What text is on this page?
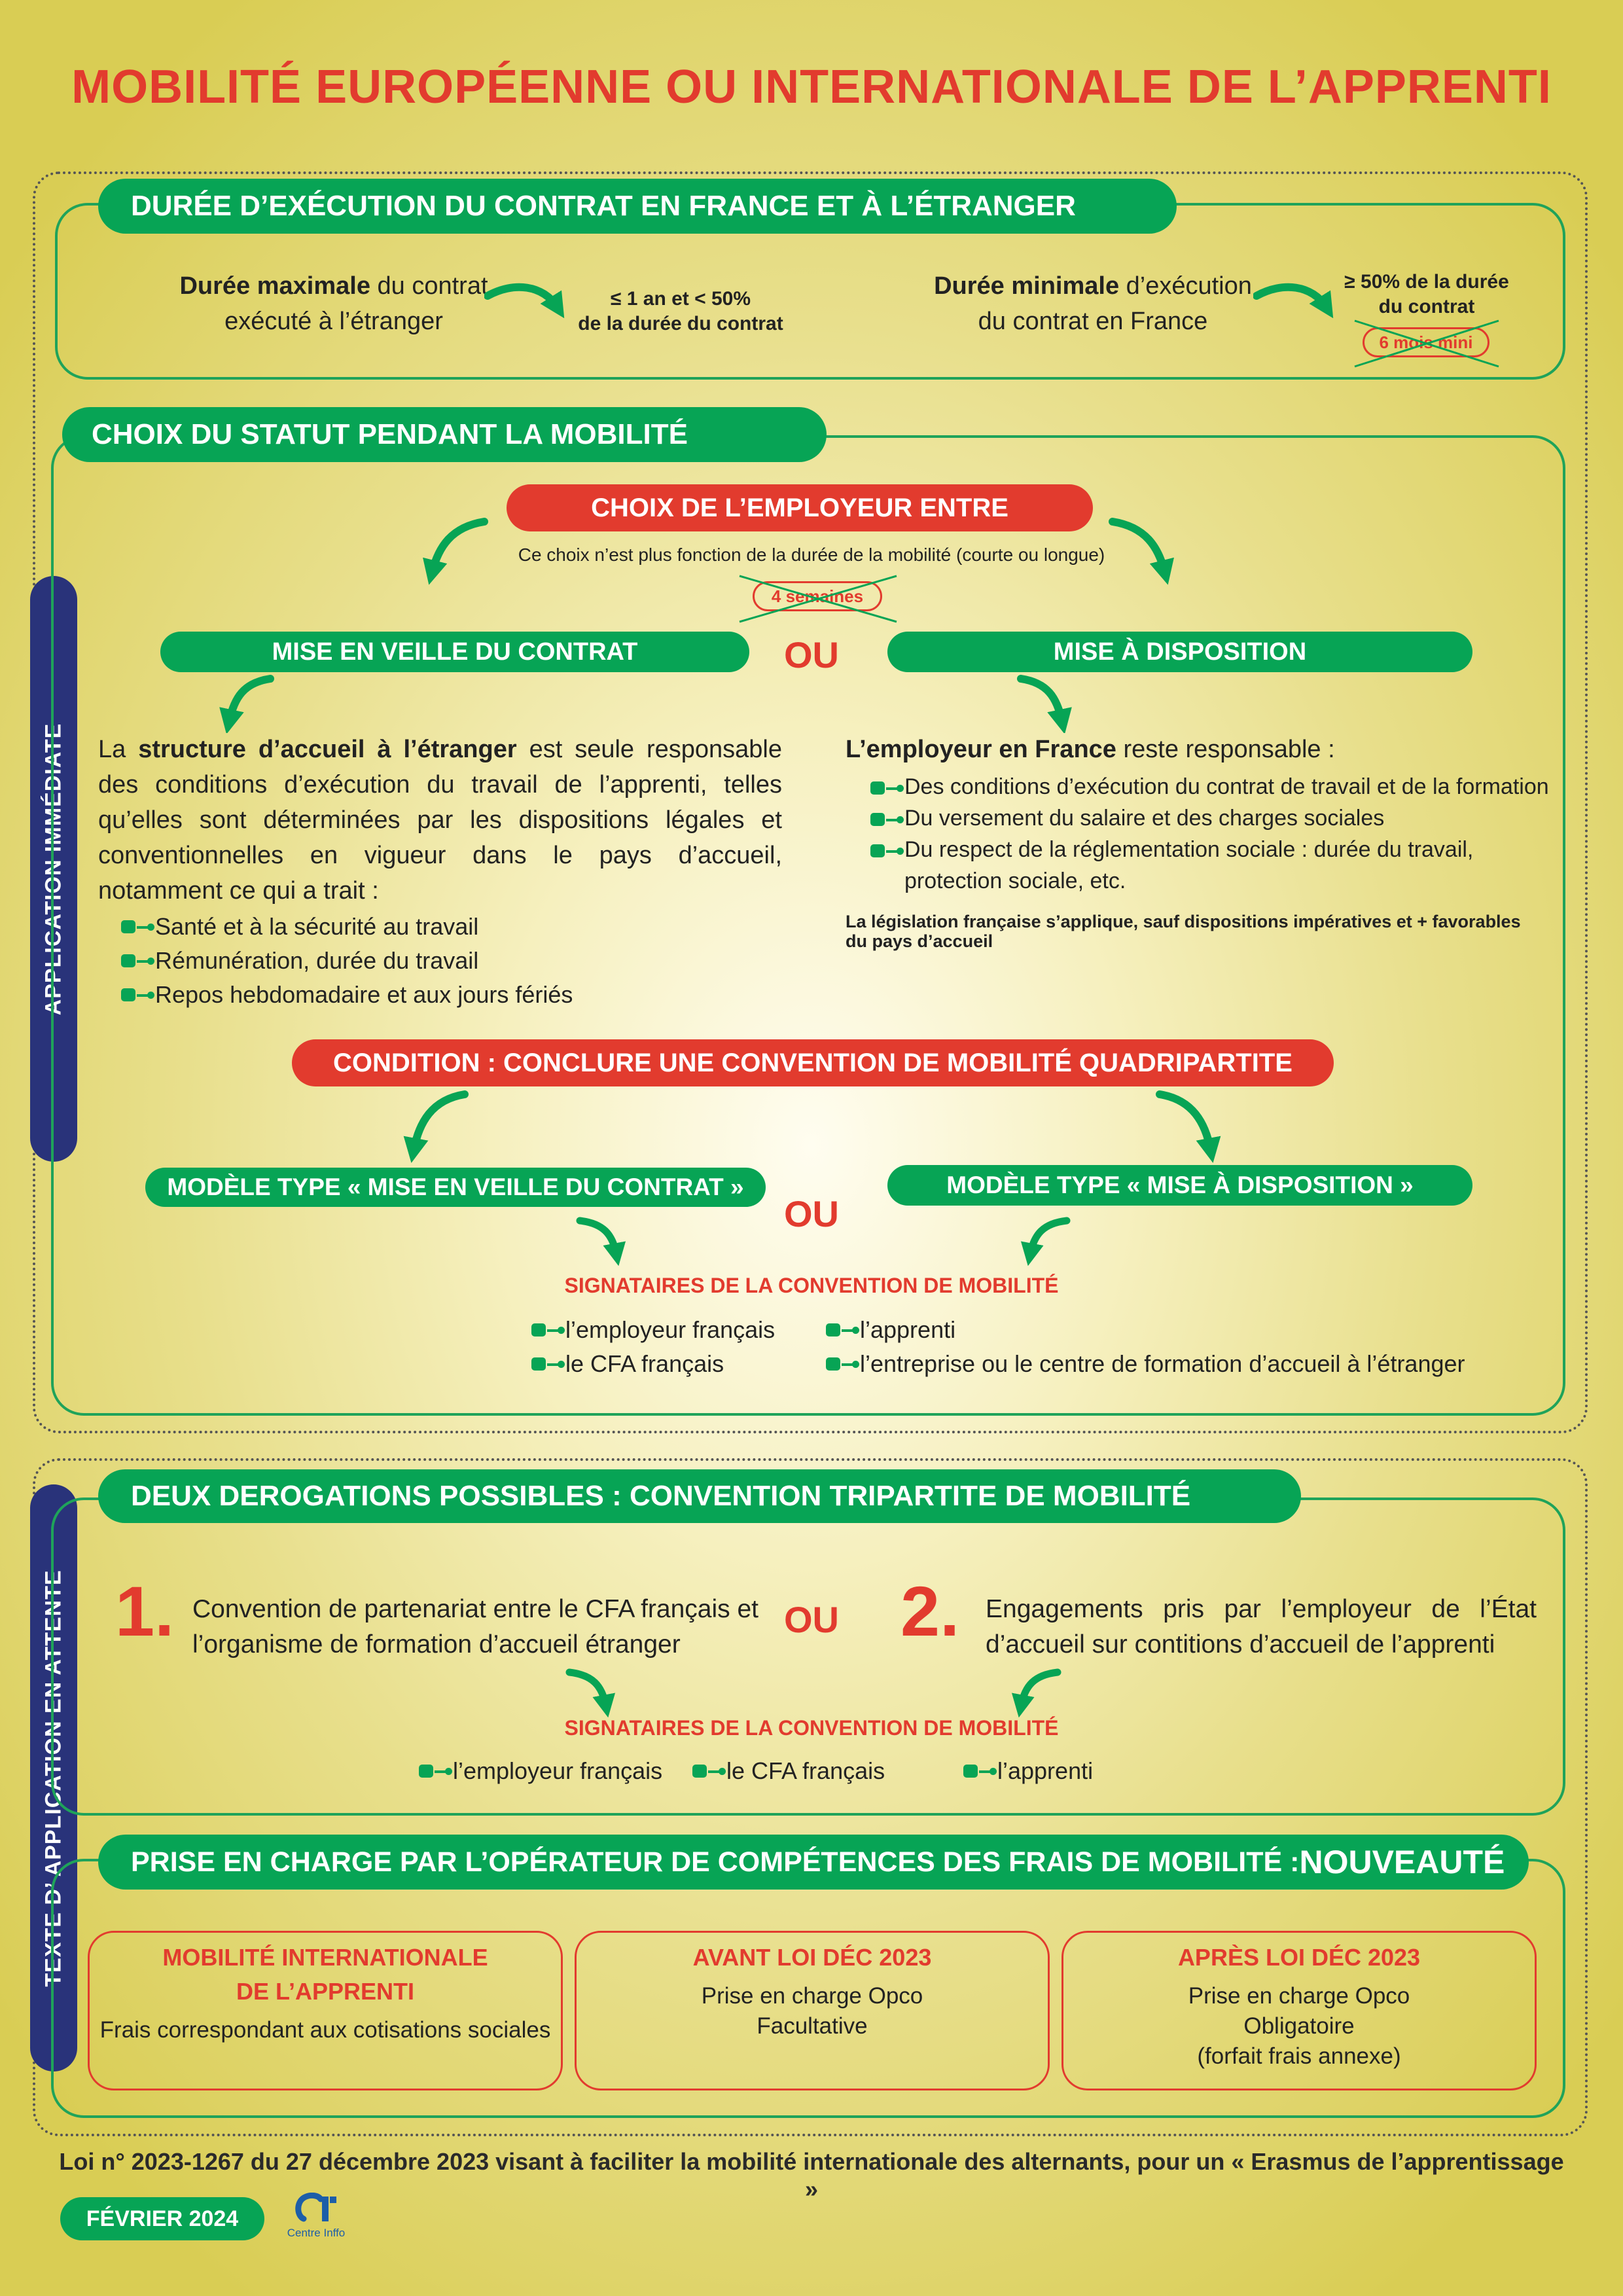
MOBILITÉ EUROPÉENNE OU INTERNATIONALE DE L’APPRENTI
APPLICATION IMMÉDIATE
DURÉE D’EXÉCUTION DU CONTRAT EN FRANCE ET À L’ÉTRANGER
Durée maximale du contrat
exécuté à l’étranger
≤ 1 an et < 50%
de la durée du contrat
Durée minimale d’exécution
du contrat en France
≥ 50% de la durée
du contrat
6 mois mini
CHOIX DU STATUT PENDANT LA MOBILITÉ
CHOIX DE L’EMPLOYEUR ENTRE
Ce choix n’est plus fonction de la durée de la mobilité (courte ou longue)
4 semaines
MISE EN VEILLE DU CONTRAT	OU	MISE À DISPOSITION
La structure d’accueil à l’étranger est seule responsable des conditions d’exécution du travail de l’apprenti, telles qu’elles sont déterminées par les dispositions légales et conventionnelles en vigueur dans le pays d’accueil, notamment ce qui a trait :
Santé et à la sécurité au travail
Rémunération, durée du travail
Repos hebdomadaire et aux jours fériés
L’employeur en France reste responsable :
Des conditions d’exécution du contrat de travail et de la formation
Du versement du salaire et des charges sociales
Du respect de la réglementation sociale : durée du travail, protection sociale, etc.
La législation française s’applique, sauf dispositions impératives et + favorables du pays d’accueil
CONDITION : CONCLURE UNE CONVENTION DE MOBILITÉ QUADRIPARTITE
MODÈLE TYPE « MISE EN VEILLE DU CONTRAT »
OU
MODÈLE TYPE « MISE À DISPOSITION »
SIGNATAIRES DE LA CONVENTION DE MOBILITÉ
l’employeur français
le CFA français
l’apprenti
l’entreprise ou le centre de formation d’accueil à l’étranger
TEXTE D’ APPLICATION EN ATTENTE
DEUX DEROGATIONS POSSIBLES : CONVENTION TRIPARTITE DE MOBILITÉ
1. Convention de partenariat entre le CFA français et l’organisme de formation d’accueil étranger
OU 2. Engagements pris par l’employeur de l’État d’accueil sur contitions d’accueil de l’apprenti
SIGNATAIRES DE LA CONVENTION DE MOBILITÉ
l’employeur français	le CFA français	l’apprenti
PRISE EN CHARGE PAR L’OPÉRATEUR DE COMPÉTENCES DES FRAIS DE MOBILITÉ : NOUVEAUTÉ
MOBILITÉ INTERNATIONALE
DE L’APPRENTI
Frais correspondant aux cotisations sociales
AVANT LOI DÉC 2023
Prise en charge Opco
Facultative
APRÈS LOI DÉC 2023
Prise en charge Opco
Obligatoire
(forfait frais annexe)
Loi n° 2023-1267 du 27 décembre 2023 visant à faciliter la mobilité internationale des alternants, pour un « Erasmus de l’apprentissage »
FÉVRIER 2024
Centre Inffo
